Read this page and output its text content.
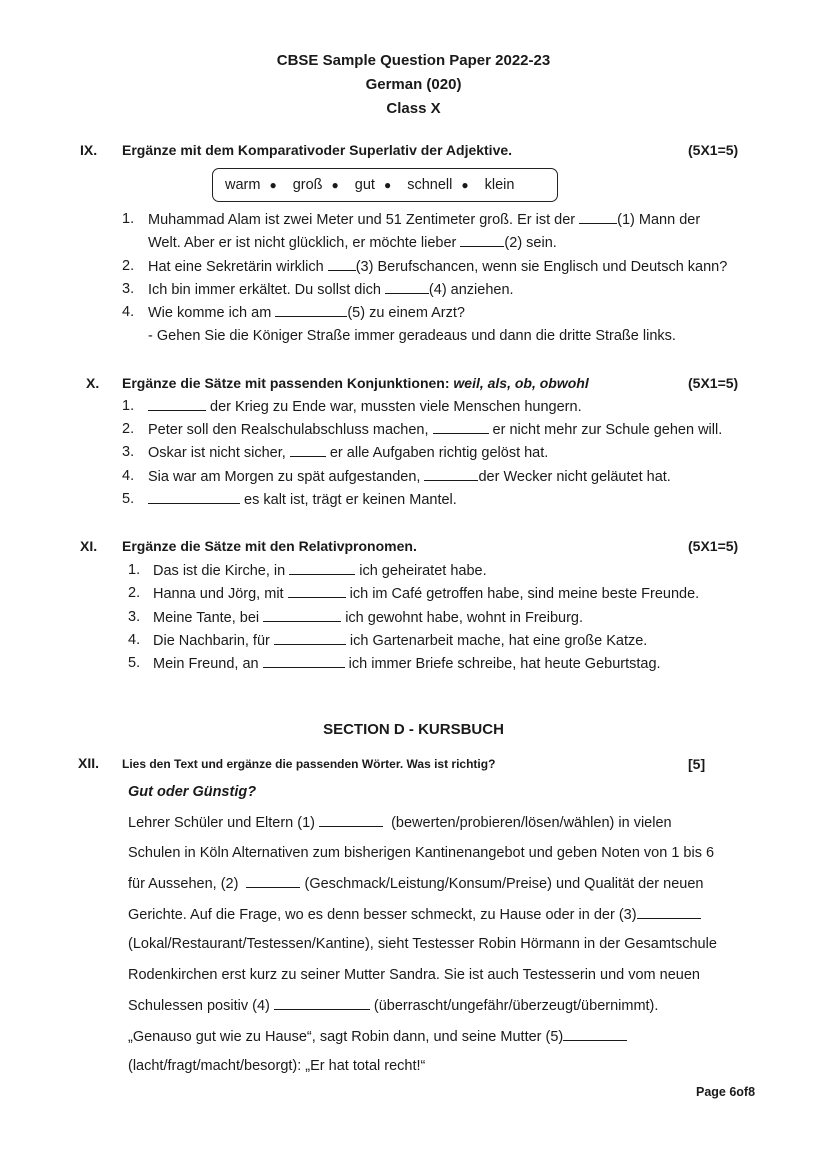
CBSE Sample Question Paper 2022-23
German (020)
Class X
IX. Ergänze mit dem Komparativoder Superlativ der Adjektive.	(5X1=5)
warm ● groß ● gut ● schnell ● klein
1. Muhammad Alam ist zwei Meter und 51 Zentimeter groß. Er ist der	(1) Mann der
Welt. Aber er ist nicht glücklich, er möchte lieber	(2) sein.
2. Hat eine Sekretärin wirklich (3) Berufschancen, wenn sie Englisch und Deutsch kann?
3. Ich bin immer erkältet. Du sollst dich	(4) anziehen.
4. Wie komme ich am	(5) zu einem Arzt?
- Gehen Sie die Königer Straße immer geradeaus und dann die dritte Straße links.
X. Ergänze die Sätze mit passenden Konjunktionen: weil, als, ob, obwohl	(5X1=5)
1.	der Krieg zu Ende war, mussten viele Menschen hungern.
2. Peter soll den Realschulabschluss machen,	er nicht mehr zur Schule gehen will.
3. Oskar ist nicht sicher,	er alle Aufgaben richtig gelöst hat.
4. Sia war am Morgen zu spät aufgestanden,	der Wecker nicht geläutet hat.
5.	es kalt ist, trägt er keinen Mantel.
XI. Ergänze die Sätze mit den Relativpronomen.	(5X1=5)
1. Das ist die Kirche, in	ich geheiratet habe.
2. Hanna und Jörg, mit	ich im Café getroffen habe, sind meine beste Freunde.
3. Meine Tante, bei	ich gewohnt habe, wohnt in Freiburg.
4. Die Nachbarin, für	ich Gartenarbeit mache, hat eine große Katze.
5. Mein Freund, an	ich immer Briefe schreibe, hat heute Geburtstag.
SECTION D - KURSBUCH
XII. Lies den Text und ergänze die passenden Wörter. Was ist richtig?	[5]
Gut oder Günstig?
Lehrer Schüler und Eltern (1)	(bewerten/probieren/lösen/wählen) in vielen
Schulen in Köln Alternativen zum bisherigen Kantinenangebot und geben Noten von 1 bis 6
für Aussehen, (2)	(Geschmack/Leistung/Konsum/Preise) und Qualität der neuen
Gerichte. Auf die Frage, wo es denn besser schmeckt, zu Hause oder in der (3)
(Lokal/Restaurant/Testessen/Kantine), sieht Testesser Robin Hörmann in der Gesamtschule
Rodenkirchen erst kurz zu seiner Mutter Sandra. Sie ist auch Testesserin und vom neuen
Schulessen positiv (4)	(überrascht/ungefähr/überzeugt/übernimmt).
„Genauso gut wie zu Hause“, sagt Robin dann, und seine Mutter (5)
(lacht/fragt/macht/besorgt): „Er hat total recht!“
Page 6of8
